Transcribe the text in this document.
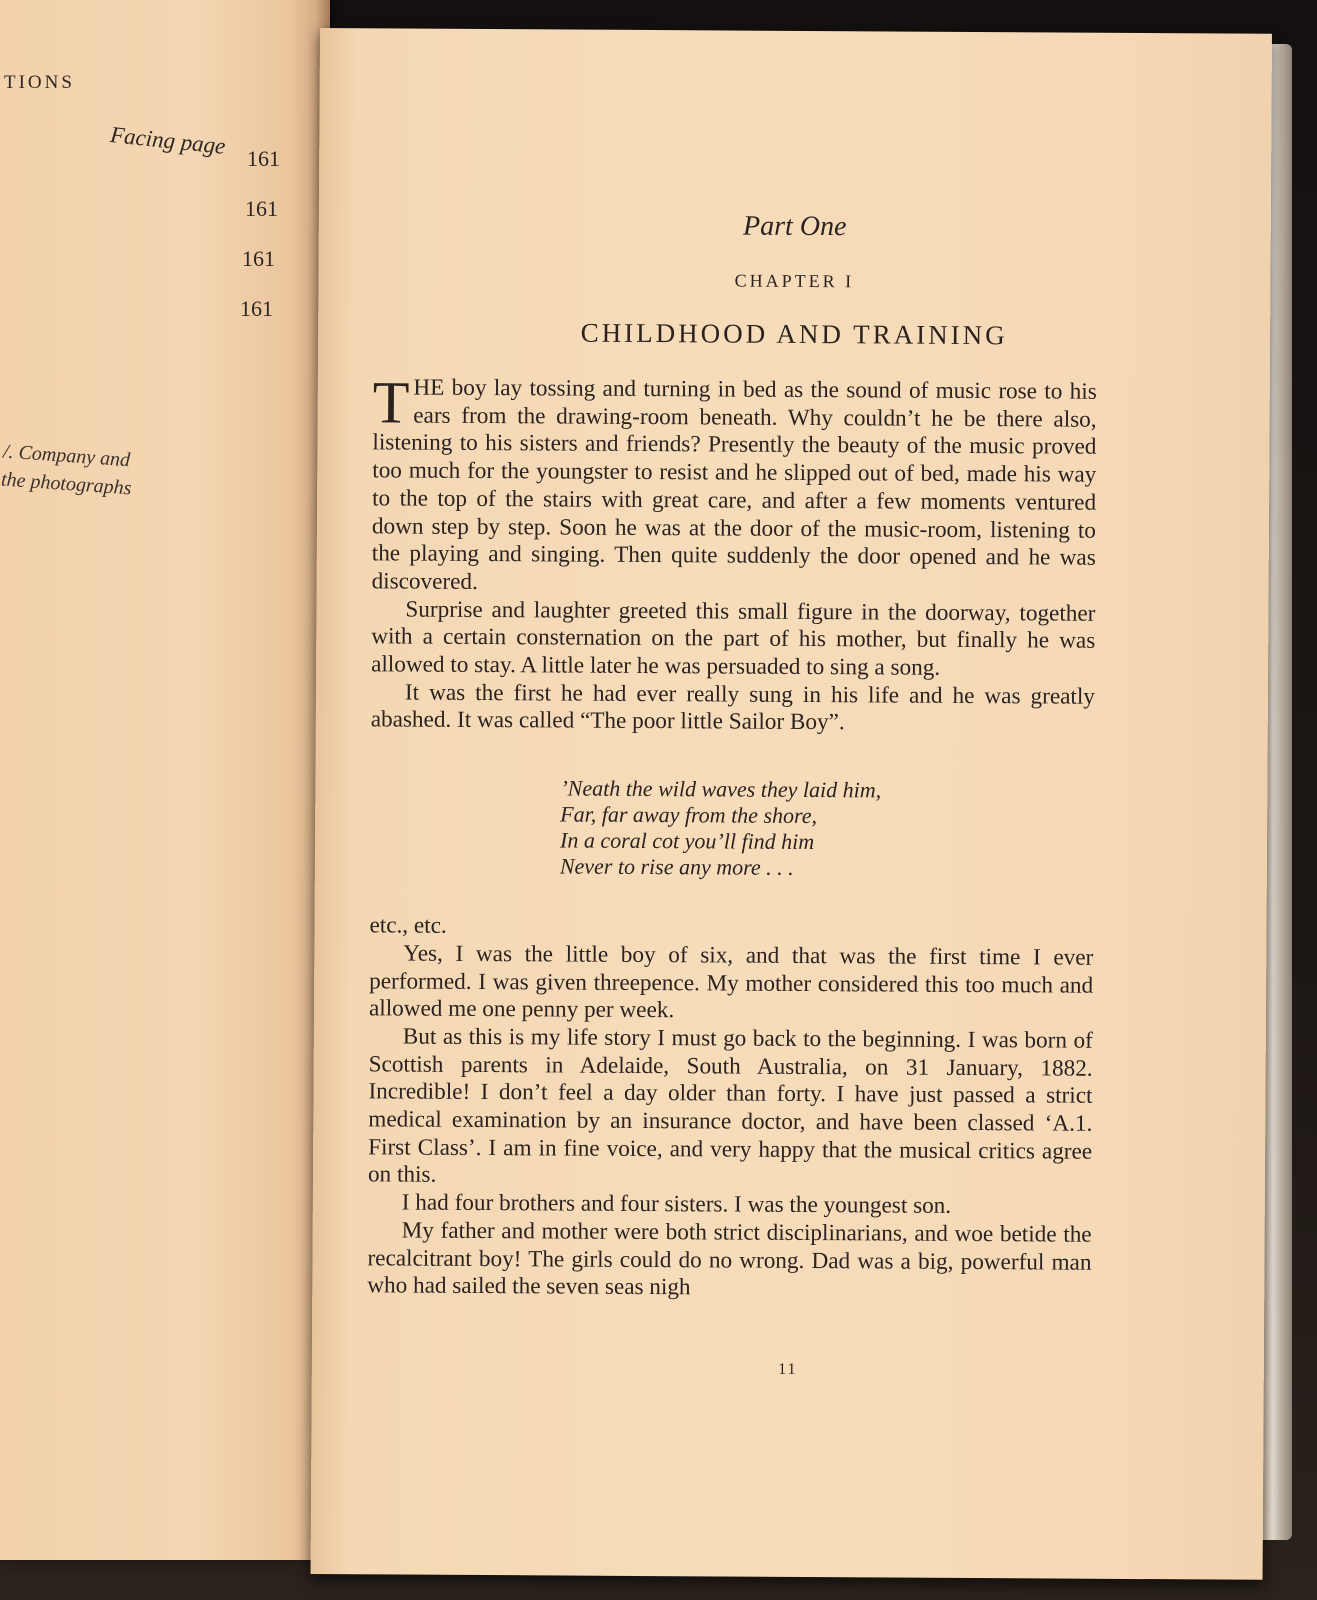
TIONS
Facing page 161
161
161
161
/. Company and
the photographs
Part One
CHAPTER I
CHILDHOOD AND TRAINING

THE boy lay tossing and turning in bed as the sound of music rose to his ears from the drawing-room beneath. Why couldn’t he be there also, listening to his sisters and friends? Presently the beauty of the music proved too much for the youngster to resist and he slipped out of bed, made his way to the top of the stairs with great care, and after a few moments ventured down step by step. Soon he was at the door of the music-room, listening to the playing and singing. Then quite suddenly the door opened and he was discovered.

Surprise and laughter greeted this small figure in the doorway, together with a certain consternation on the part of his mother, but finally he was allowed to stay. A little later he was persuaded to sing a song.

It was the first he had ever really sung in his life and he was greatly abashed. It was called “The poor little Sailor Boy”.

’Neath the wild waves they laid him,
Far, far away from the shore,
In a coral cot you’ll find him
Never to rise any more . . .

etc., etc.

Yes, I was the little boy of six, and that was the first time I ever performed. I was given threepence. My mother considered this too much and allowed me one penny per week.

But as this is my life story I must go back to the beginning. I was born of Scottish parents in Adelaide, South Australia, on 31 January, 1882. Incredible! I don’t feel a day older than forty. I have just passed a strict medical examination by an insurance doctor, and have been classed ‘A.1. First Class’. I am in fine voice, and very happy that the musical critics agree on this.

I had four brothers and four sisters. I was the youngest son.

My father and mother were both strict disciplinarians, and woe betide the recalcitrant boy! The girls could do no wrong. Dad was a big, powerful man who had sailed the seven seas nigh

11
